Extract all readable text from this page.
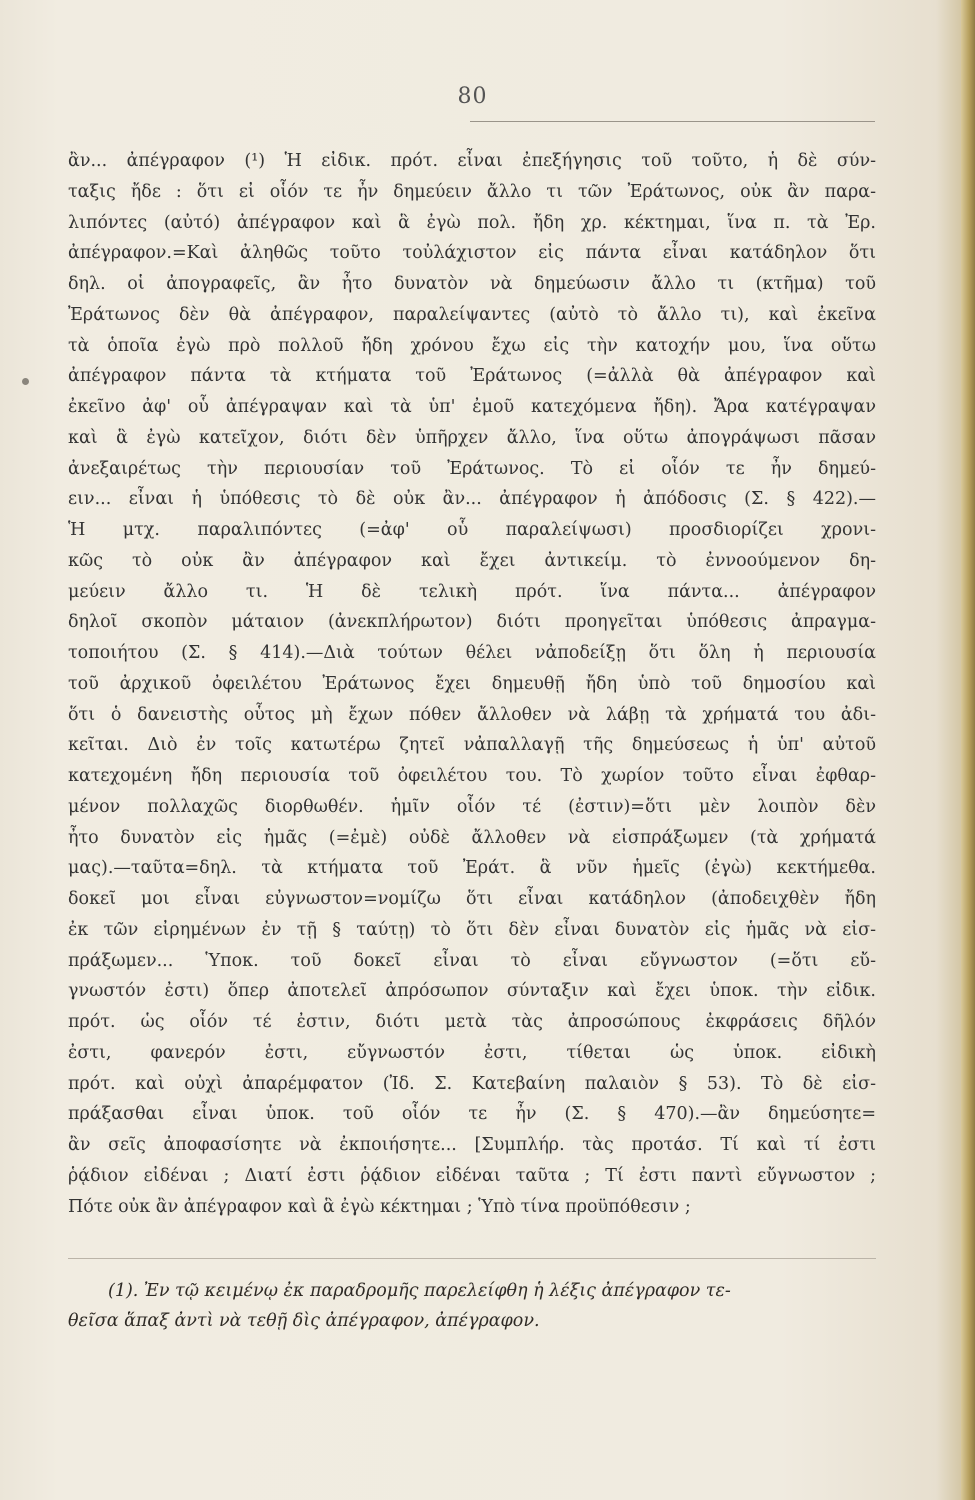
80
ἂν... ἀπέγραφον (¹) Ἡ εἰδικ. πρότ. εἶναι ἐπεξήγησις τοῦ τοῦτο, ἡ δὲ σύν-
ταξις ἤδε : ὅτι εἰ οἷόν τε ἦν δημεύειν ἄλλο τι τῶν Ἐράτωνος, οὐκ ἂν παρα-
λιπόντες (αὐτό) ἀπέγραφον καὶ ἃ ἐγὼ πολ. ἤδη χρ. κέκτημαι, ἵνα π. τὰ Ἐρ.
ἀπέγραφον.=Καὶ ἀληθῶς τοῦτο τοὐλάχιστον εἰς πάντα εἶναι κατάδηλον ὅτι
δηλ. οἱ ἀπογραφεῖς, ἂν ἦτο δυνατὸν νὰ δημεύωσιν ἄλλο τι (κτῆμα) τοῦ
Ἐράτωνος δὲν θὰ ἀπέγραφον, παραλείψαντες (αὐτὸ τὸ ἄλλο τι), καὶ ἐκεῖνα
τὰ ὁποῖα ἐγὼ πρὸ πολλοῦ ἤδη χρόνου ἔχω εἰς τὴν κατοχήν μου, ἵνα οὕτω
ἀπέγραφον πάντα τὰ κτήματα τοῦ Ἐράτωνος (=ἀλλὰ θὰ ἀπέγραφον καὶ
ἐκεῖνο ἀφ' οὗ ἀπέγραψαν καὶ τὰ ὑπ' ἐμοῦ κατεχόμενα ἤδη). Ἄρα κατέγραψαν
καὶ ἃ ἐγὼ κατεῖχον, διότι δὲν ὑπῆρχεν ἄλλο, ἵνα οὕτω ἀπογράψωσι πᾶσαν
ἀνεξαιρέτως τὴν περιουσίαν τοῦ Ἐράτωνος. Τὸ εἰ οἷόν τε ἦν δημεύ-
ειν... εἶναι ἡ ὑπόθεσις τὸ δὲ οὐκ ἂν... ἀπέγραφον ἡ ἀπόδοσις (Σ. § 422).—
Ἡ μτχ. παραλιπόντες (=ἀφ' οὗ παραλείψωσι) προσδιορίζει χρονι-
κῶς τὸ οὐκ ἂν ἀπέγραφον καὶ ἔχει ἀντικείμ. τὸ ἐννοούμενον δη-
μεύειν ἄλλο τι. Ἡ δὲ τελικὴ πρότ. ἵνα πάντα... ἀπέγραφον
δηλοῖ σκοπὸν μάταιον (ἀνεκπλήρωτον) διότι προηγεῖται ὑπόθεσις ἀπραγμα-
τοποιήτου (Σ. § 414).—Διὰ τούτων θέλει νἀποδείξῃ ὅτι ὅλη ἡ περιουσία
τοῦ ἀρχικοῦ ὀφειλέτου Ἐράτωνος ἔχει δημευθῇ ἤδη ὑπὸ τοῦ δημοσίου καὶ
ὅτι ὁ δανειστὴς οὗτος μὴ ἔχων πόθεν ἄλλοθεν νὰ λάβῃ τὰ χρήματά του ἀδι-
κεῖται. Διὸ ἐν τοῖς κατωτέρω ζητεῖ νἀπαλλαγῇ τῆς δημεύσεως ἡ ὑπ' αὐτοῦ
κατεχομένη ἤδη περιουσία τοῦ ὀφειλέτου του. Τὸ χωρίον τοῦτο εἶναι ἐφθαρ-
μένον πολλαχῶς διορθωθέν. ἡμῖν οἷόν τέ (ἐστιν)=ὅτι μὲν λοιπὸν δὲν
ἦτο δυνατὸν εἰς ἡμᾶς (=ἐμὲ) οὐδὲ ἄλλοθεν νὰ εἰσπράξωμεν (τὰ χρήματά
μας).—ταῦτα=δηλ. τὰ κτήματα τοῦ Ἐράτ. ἃ νῦν ἡμεῖς (ἐγὼ) κεκτήμεθα.
δοκεῖ μοι εἶναι εὐγνωστον=νομίζω ὅτι εἶναι κατάδηλον (ἀποδειχθὲν ἤδη
ἐκ τῶν εἰρημένων ἐν τῇ § ταύτῃ) τὸ ὅτι δὲν εἶναι δυνατὸν εἰς ἡμᾶς νὰ εἰσ-
πράξωμεν... Ὑποκ. τοῦ δοκεῖ εἶναι τὸ εἶναι εὔγνωστον (=ὅτι εὔ-
γνωστόν ἐστι) ὅπερ ἀποτελεῖ ἀπρόσωπον σύνταξιν καὶ ἔχει ὑποκ. τὴν εἰδικ.
πρότ. ὡς οἷόν τέ ἐστιν, διότι μετὰ τὰς ἀπροσώπους ἐκφράσεις δῆλόν
ἐστι, φανερόν ἐστι, εὔγνωστόν ἐστι, τίθεται ὡς ὑποκ. εἰδικὴ
πρότ. καὶ οὐχὶ ἀπαρέμφατον (Ἰδ. Σ. Κατεβαίνη παλαιὸν § 53). Τὸ δὲ εἰσ-
πράξασθαι εἶναι ὑποκ. τοῦ οἷόν τε ἦν (Σ. § 470).—ἂν δημεύσητε=
ἂν σεῖς ἀποφασίσητε νὰ ἐκποιήσητε... [Συμπλήρ. τὰς προτάσ. Τί καὶ τί ἐστι
ῥᾴδιον εἰδέναι ; Διατί ἐστι ῥᾴδιον εἰδέναι ταῦτα ; Τί ἐστι παντὶ εὔγνωστον ;
Πότε οὐκ ἂν ἀπέγραφον καὶ ἃ ἐγὼ κέκτημαι ; Ὑπὸ τίνα προϋπόθεσιν ;
(1). Ἐν τῷ κειμένῳ ἐκ παραδρομῆς παρελείφθη ἡ λέξις ἀπέγραφον τε-
θεῖσα ἅπαξ ἀντὶ νὰ τεθῇ δὶς ἀπέγραφον, ἀπέγραφον.
